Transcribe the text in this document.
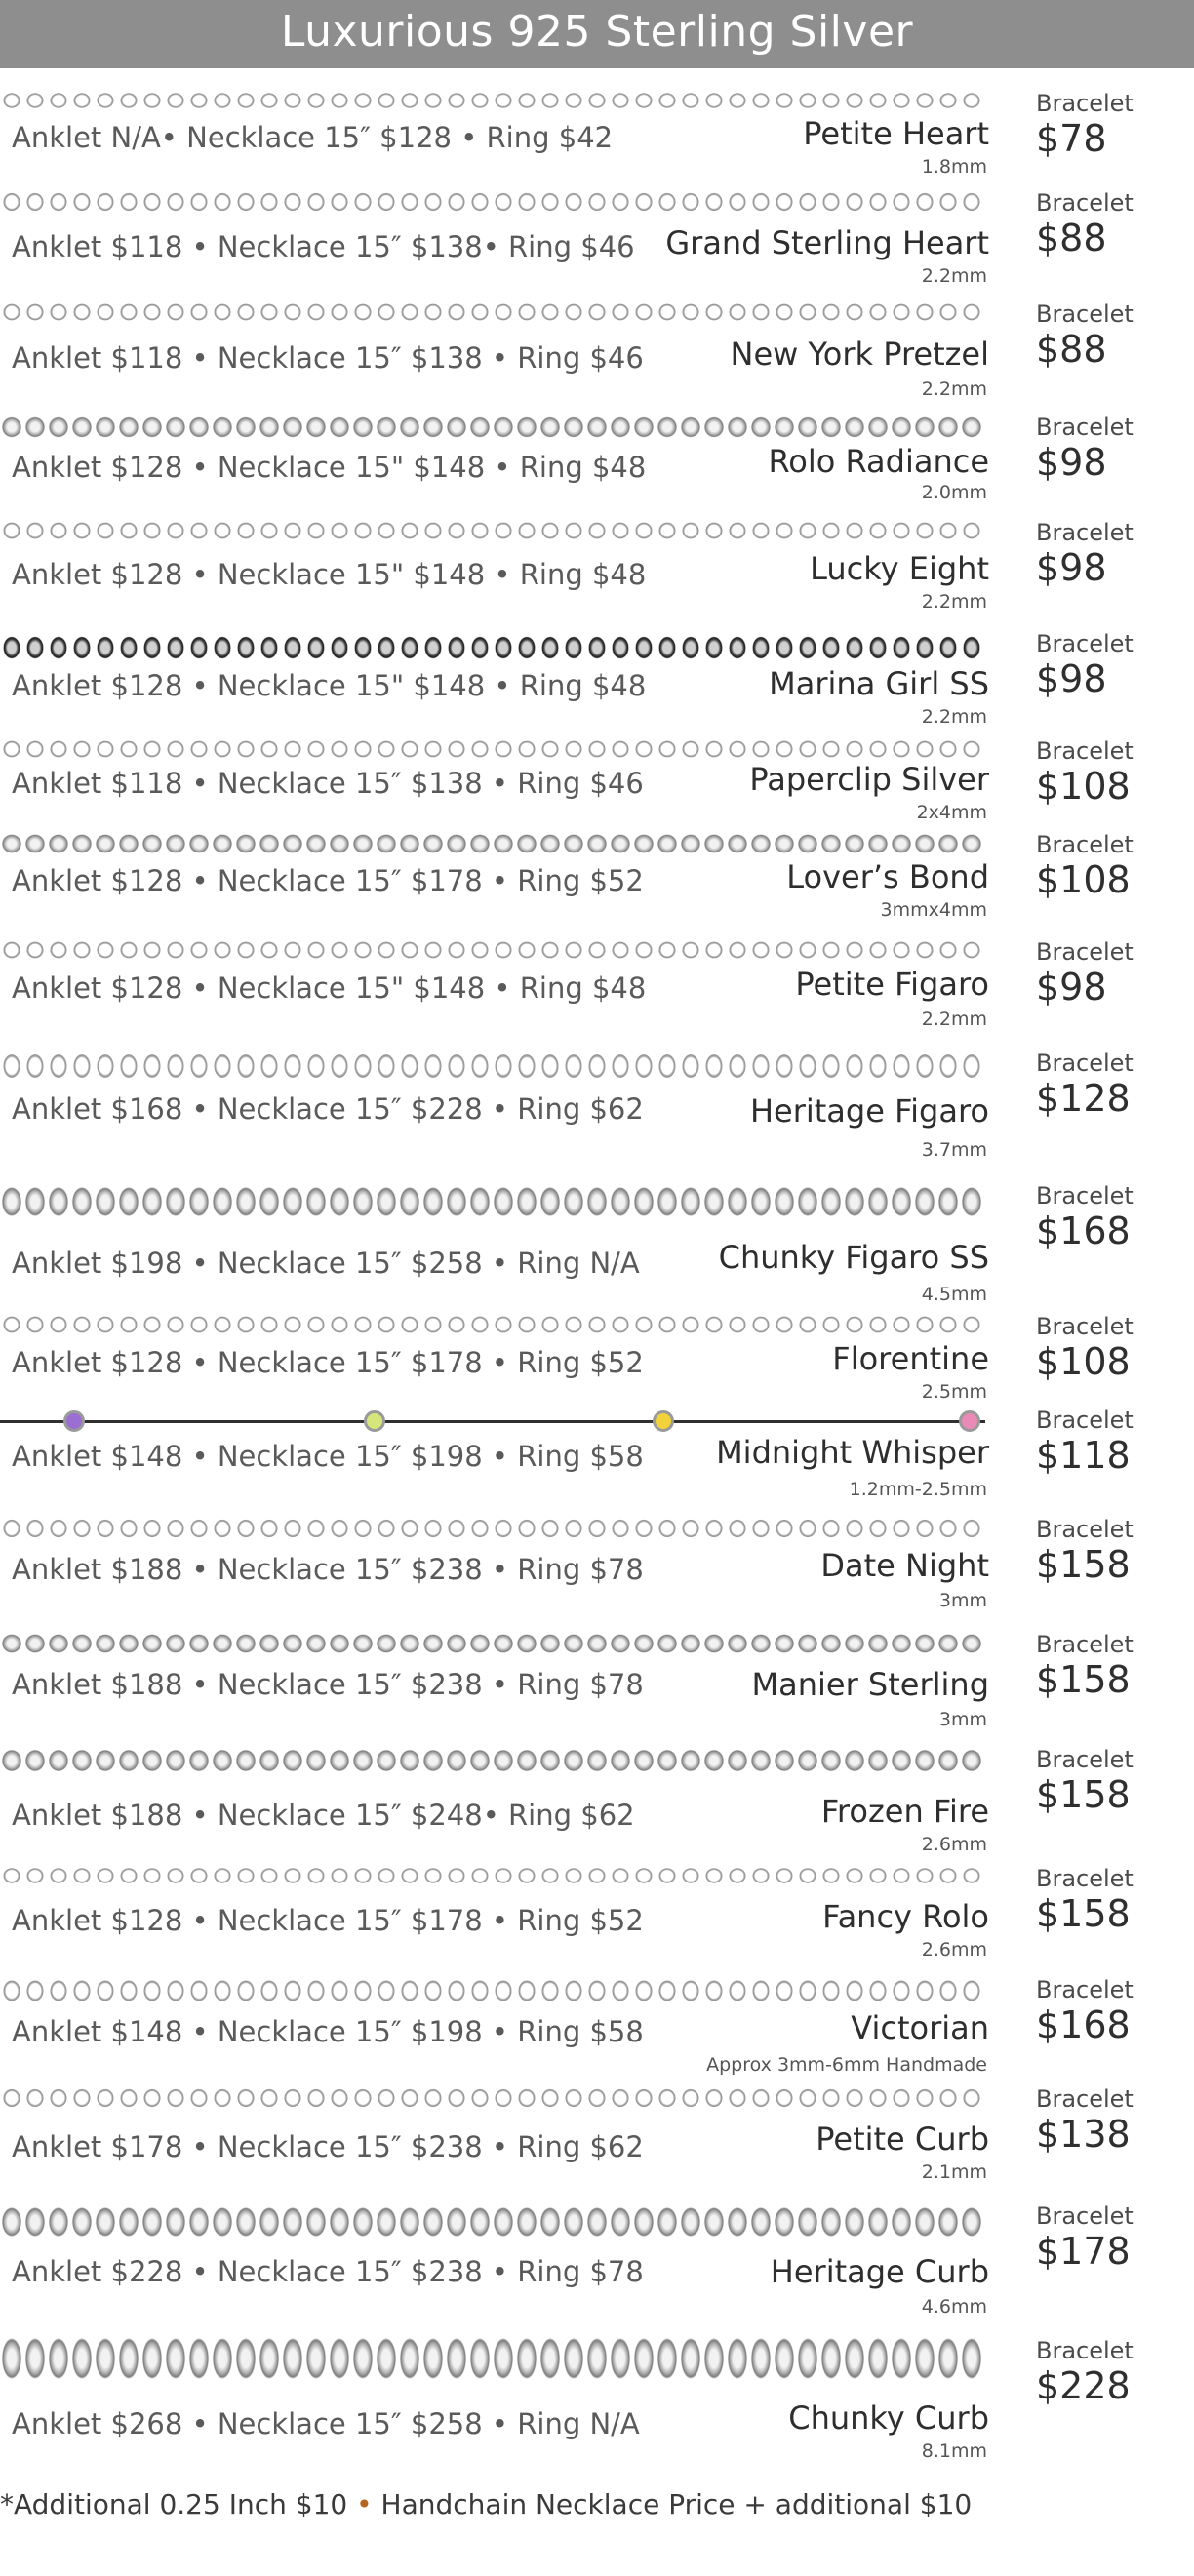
Luxurious 925 Sterling Silver
Anklet N/A• Necklace 15″ $128 • Ring $42	Petite Heart
1.8mm
Bracelet
$78
Anklet $118 • Necklace 15″ $138• Ring $46 Grand Sterling Heart
2.2mm
Bracelet
$88
Anklet $118 • Necklace 15″ $138 • Ring $46	New York Pretzel
2.2mm
Bracelet
$88
Anklet $128 • Necklace 15" $148 • Ring $48	Rolo Radiance
2.0mm
Bracelet
$98
Anklet $128 • Necklace 15" $148 • Ring $48	Lucky Eight
2.2mm
Bracelet
$98
Anklet $128 • Necklace 15" $148 • Ring $48	Marina Girl SS
2.2mm
Bracelet
$98
Anklet $118 • Necklace 15″ $138 • Ring $46	Paperclip Silver
2x4mm
Bracelet
$108
Anklet $128 • Necklace 15″ $178 • Ring $52	Lover’s Bond
3mmx4mm
Bracelet
$108
Anklet $128 • Necklace 15" $148 • Ring $48	Petite Figaro
2.2mm
Bracelet
$98
Anklet $168 • Necklace 15″ $228 • Ring $62	Heritage Figaro
3.7mm
Bracelet
$128
Anklet $198 • Necklace 15″ $258 • Ring N/A	Chunky Figaro SS
4.5mm
Bracelet
$168
Anklet $128 • Necklace 15″ $178 • Ring $52	Florentine
2.5mm
Bracelet
$108
Anklet $148 • Necklace 15″ $198 • Ring $58 Midnight Whisper
1.2mm-2.5mm
Bracelet
$118
Anklet $188 • Necklace 15″ $238 • Ring $78	Date Night
3mm
Bracelet
$158
Anklet $188 • Necklace 15″ $238 • Ring $78	Manier Sterling
3mm
Bracelet
$158
Anklet $188 • Necklace 15″ $248• Ring $62	Frozen Fire
2.6mm
Bracelet
$158
Anklet $128 • Necklace 15″ $178 • Ring $52	Fancy Rolo
2.6mm
Bracelet
$158
Anklet $148 • Necklace 15″ $198 • Ring $58	Victorian
Approx 3mm-6mm Handmade
Bracelet
$168
Anklet $178 • Necklace 15″ $238 • Ring $62	Petite Curb
2.1mm
Bracelet
$138
Anklet $228 • Necklace 15″ $238 • Ring $78	Heritage Curb
4.6mm
Bracelet
$178
Anklet $268 • Necklace 15″ $258 • Ring N/A	Chunky Curb
8.1mm
Bracelet
$228
*Additional 0.25 Inch $10 • Handchain Necklace Price + additional $10
